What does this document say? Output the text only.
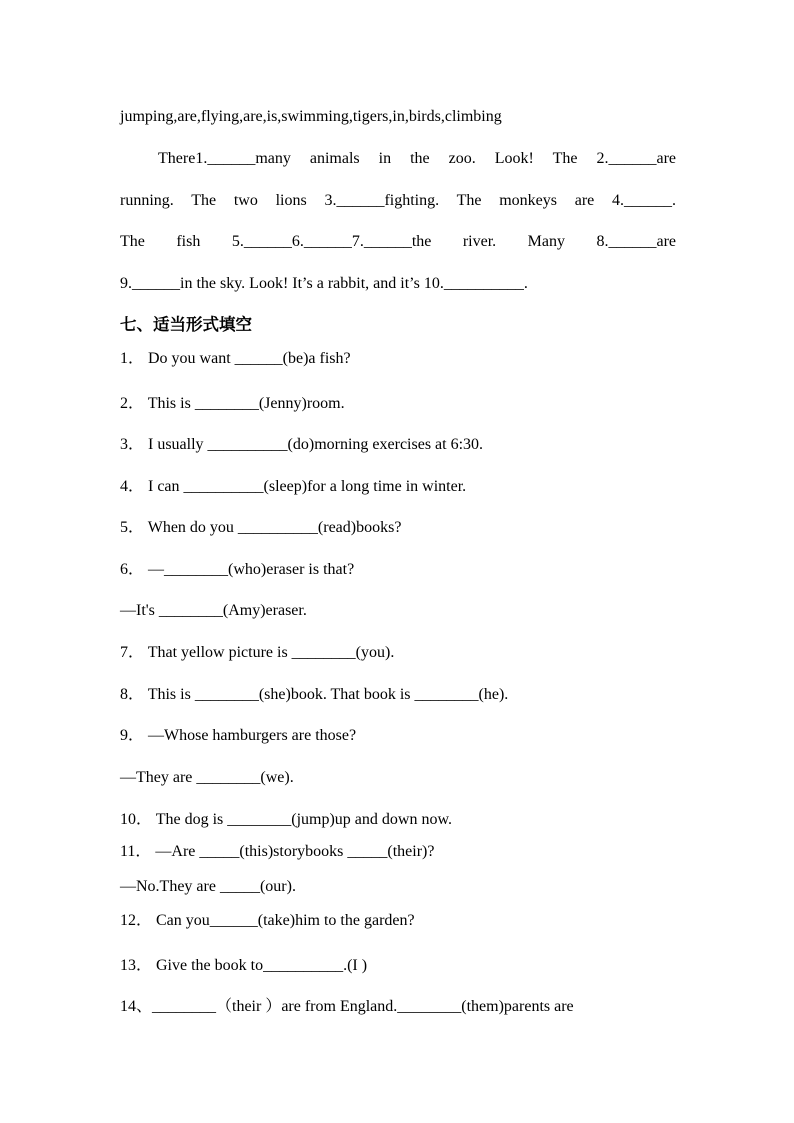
jumping,are,flying,are,is,swimming,tigers,in,birds,climbing
There1.______many animals in the zoo. Look! The 2.______are
running. The two lions 3.______fighting. The monkeys are 4.______.
The fish 5.______6.______7.______the river. Many 8.______are
9.______in the sky. Look! It’s a rabbit, and it’s 10.__________.
七、适当形式填空
1． Do you want ______(be)a fish?
2． This is ________(Jenny)room.
3． I usually __________(do)morning exercises at 6:30.
4． I can __________(sleep)for a long time in winter.
5． When do you __________(read)books?
6． —________(who)eraser is that?
—It's ________(Amy)eraser.
7． That yellow picture is ________(you).
8． This is ________(she)book. That book is ________(he).
9． —Whose hamburgers are those?
—They are ________(we).
10． The dog is ________(jump)up and down now.
11． —Are _____(this)storybooks _____(their)?
—No.They are _____(our).
12． Can you______(take)him to the garden?
13． Give the book to__________.(I )
14、________（their ）are from England.________(them)parents are
